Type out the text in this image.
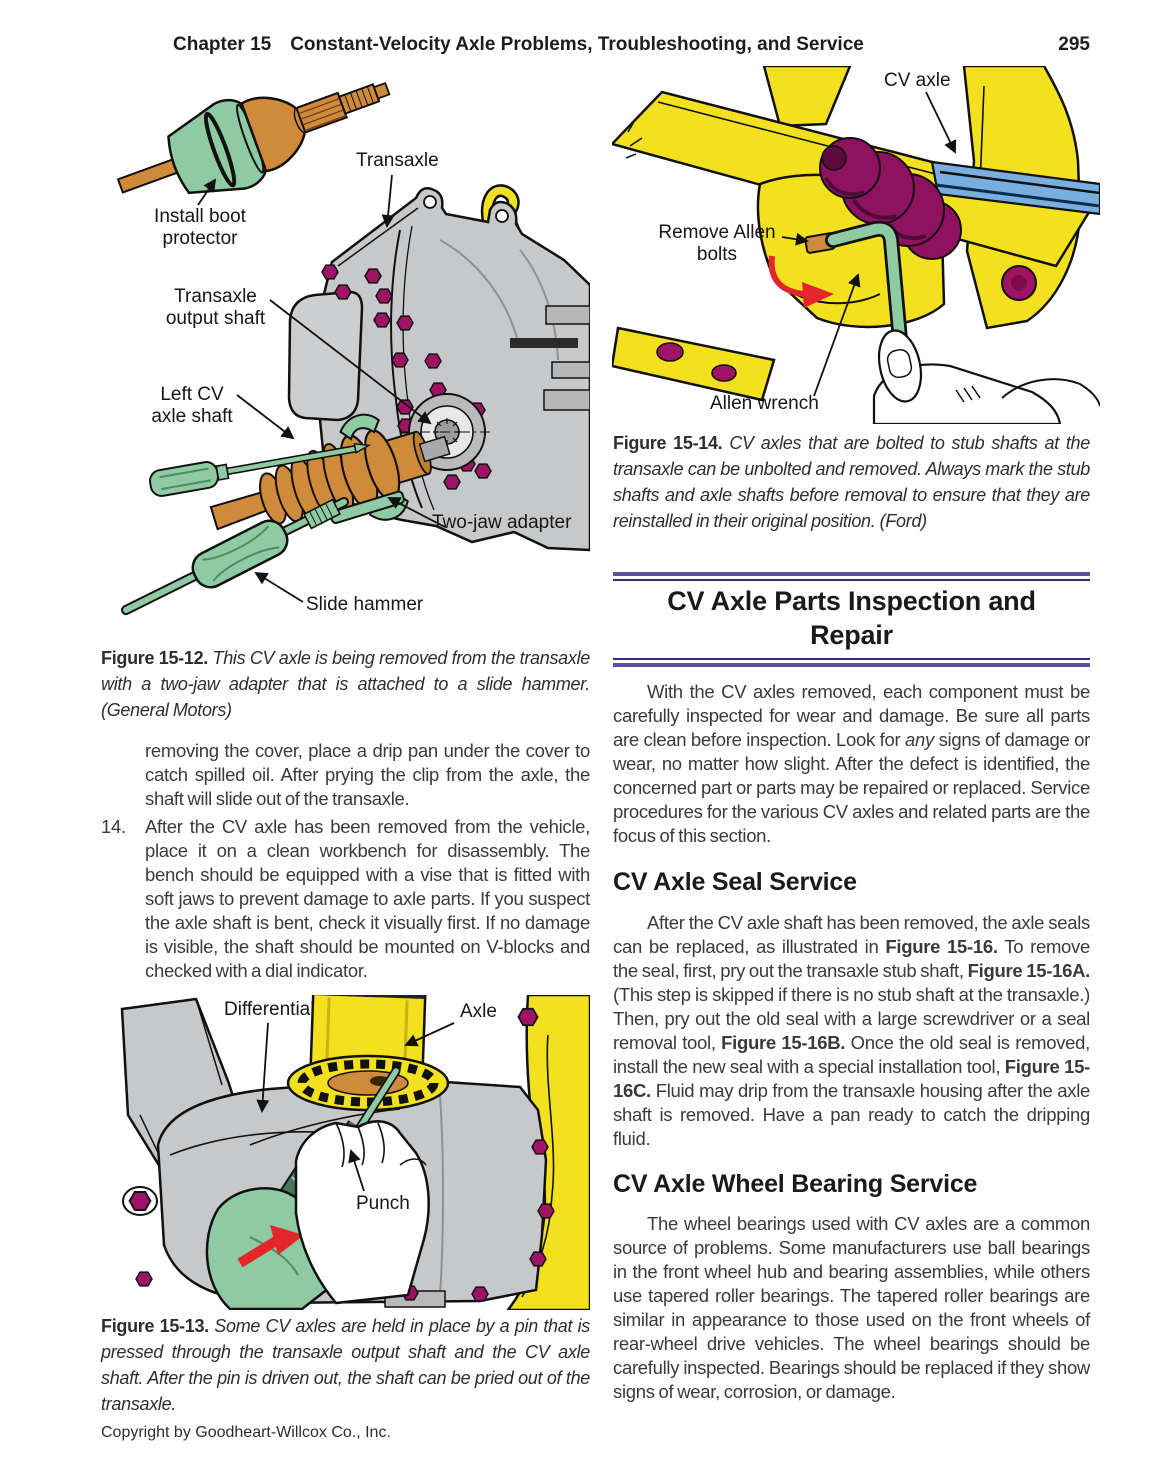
Chapter 15 Constant-Velocity Axle Problems, Troubleshooting, and Service	295
Install boot protector
Transaxle
Transaxle output shaft
Left CV axle shaft
Two-jaw adapter
Slide hammer
Figure 15-12. This CV axle is being removed from the transaxle with a two-jaw adapter that is attached to a slide hammer. (General Motors)
removing the cover, place a drip pan under the cover to catch spilled oil. After prying the clip from the axle, the shaft will slide out of the transaxle.
14.	After the CV axle has been removed from the vehicle, place it on a clean workbench for disassembly. The bench should be equipped with a vise that is fitted with soft jaws to prevent damage to axle parts. If you suspect the axle shaft is bent, check it visually first. If no damage is visible, the shaft should be mounted on V-blocks and checked with a dial indicator.
Differential	Axle
Punch
Figure 15-13. Some CV axles are held in place by a pin that is pressed through the transaxle output shaft and the CV axle shaft. After the pin is driven out, the shaft can be pried out of the transaxle.
Copyright by Goodheart-Willcox Co., Inc.
CV axle
Remove Allen bolts
Allen wrench
Figure 15-14. CV axles that are bolted to stub shafts at the transaxle can be unbolted and removed. Always mark the stub shafts and axle shafts before removal to ensure that they are reinstalled in their original position. (Ford)
CV Axle Parts Inspection and
Repair
With the CV axles removed, each component must be carefully inspected for wear and damage. Be sure all parts are clean before inspection. Look for any signs of damage or wear, no matter how slight. After the defect is identified, the concerned part or parts may be repaired or replaced. Service procedures for the various CV axles and related parts are the focus of this section.
CV Axle Seal Service
After the CV axle shaft has been removed, the axle seals can be replaced, as illustrated in Figure 15-16. To remove the seal, first, pry out the transaxle stub shaft, Figure 15-16A. (This step is skipped if there is no stub shaft at the transaxle.) Then, pry out the old seal with a large screwdriver or a seal removal tool, Figure 15-16B. Once the old seal is removed, install the new seal with a special installation tool, Figure 15-16C. Fluid may drip from the transaxle housing after the axle shaft is removed. Have a pan ready to catch the dripping fluid.
CV Axle Wheel Bearing Service
The wheel bearings used with CV axles are a common source of problems. Some manufacturers use ball bearings in the front wheel hub and bearing assemblies, while others use tapered roller bearings. The tapered roller bearings are similar in appearance to those used on the front wheels of rear-wheel drive vehicles. The wheel bearings should be carefully inspected. Bearings should be replaced if they show signs of wear, corrosion, or damage.
